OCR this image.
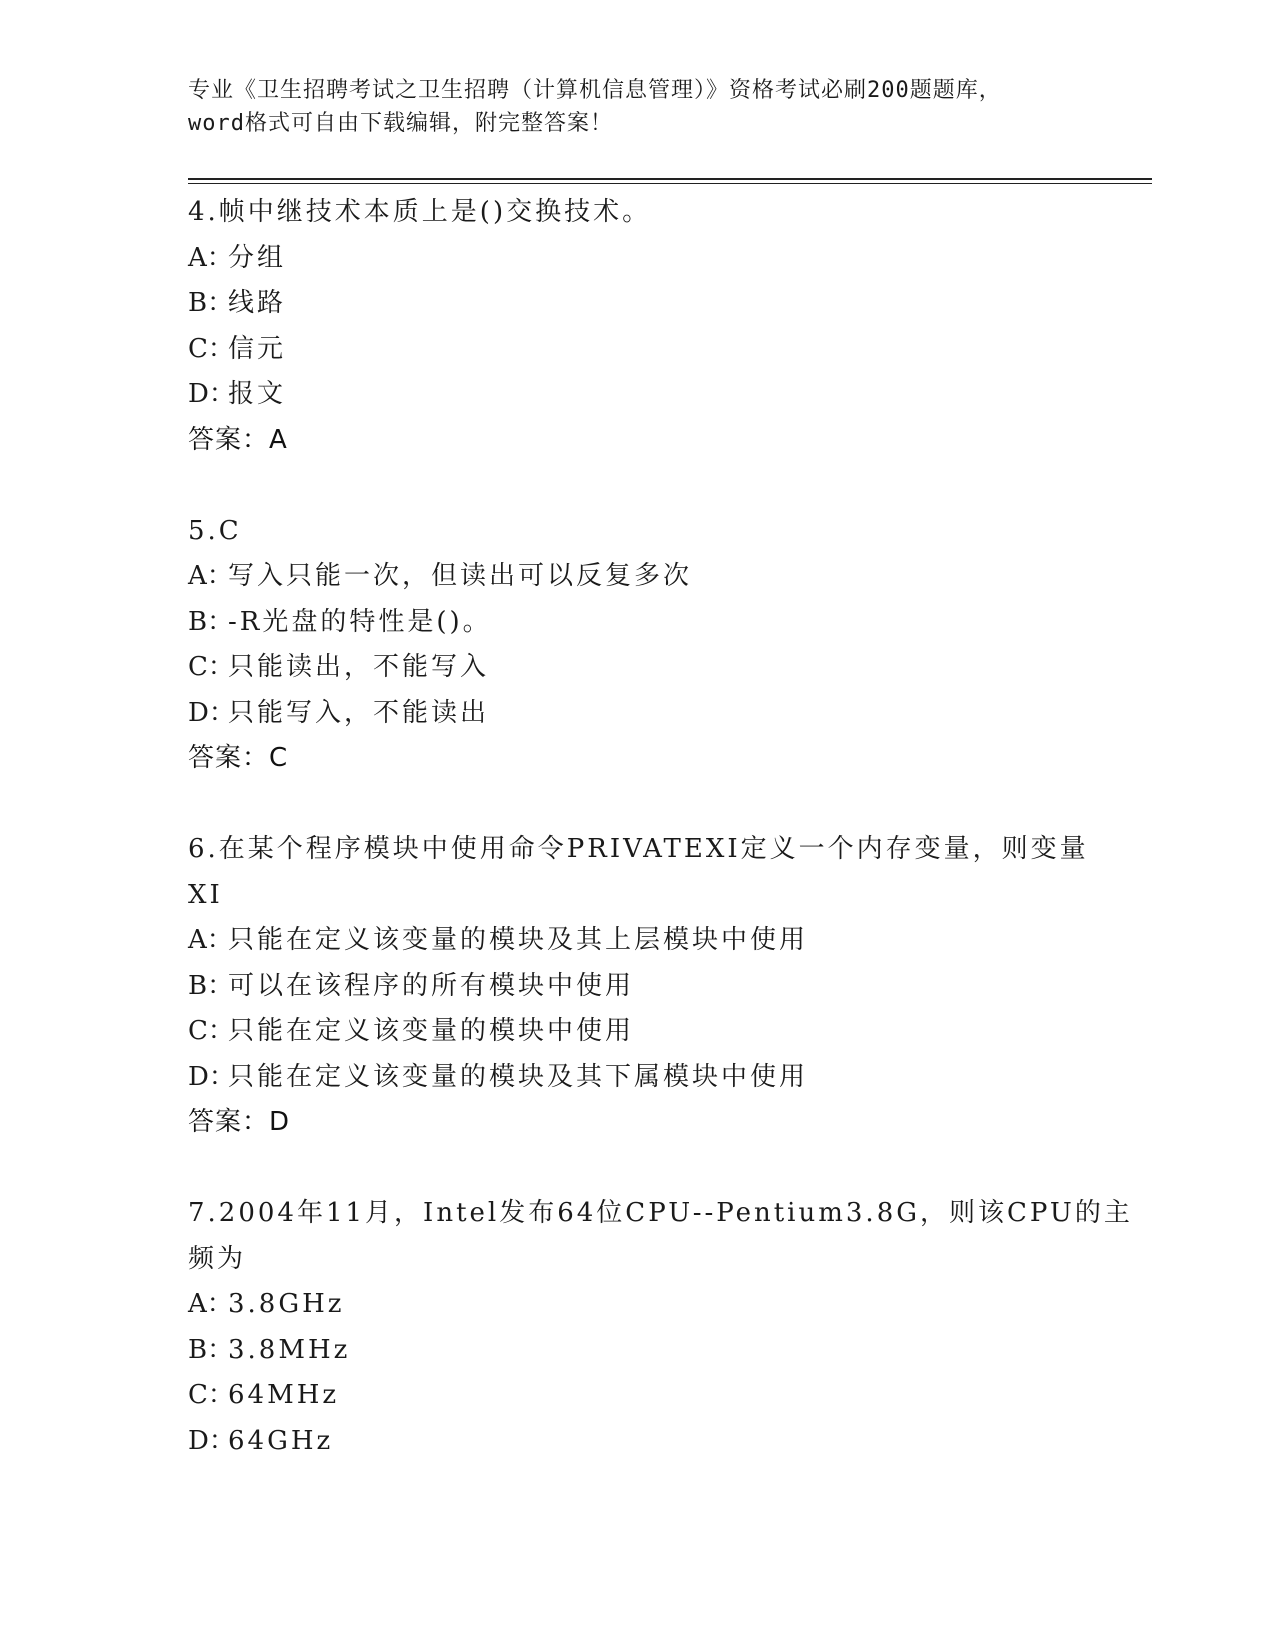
专业《卫生招聘考试之卫生招聘（计算机信息管理）》资格考试必刷200题题库，
word格式可自由下载编辑，附完整答案！
4.帧中继技术本质上是()交换技术。
A：分组
B：线路
C：信元
D：报文
答案：A
5.C
A：写入只能一次，但读出可以反复多次
B：-R光盘的特性是()。
C：只能读出，不能写入
D：只能写入，不能读出
答案：C
6.在某个程序模块中使用命令PRIVATEXI定义一个内存变量，则变量
XI
A：只能在定义该变量的模块及其上层模块中使用
B：可以在该程序的所有模块中使用
C：只能在定义该变量的模块中使用
D：只能在定义该变量的模块及其下属模块中使用
答案：D
7.2004年11月，Intel发布64位CPU--Pentium3.8G，则该CPU的主
频为
A：3.8GHz
B：3.8MHz
C：64MHz
D：64GHz
